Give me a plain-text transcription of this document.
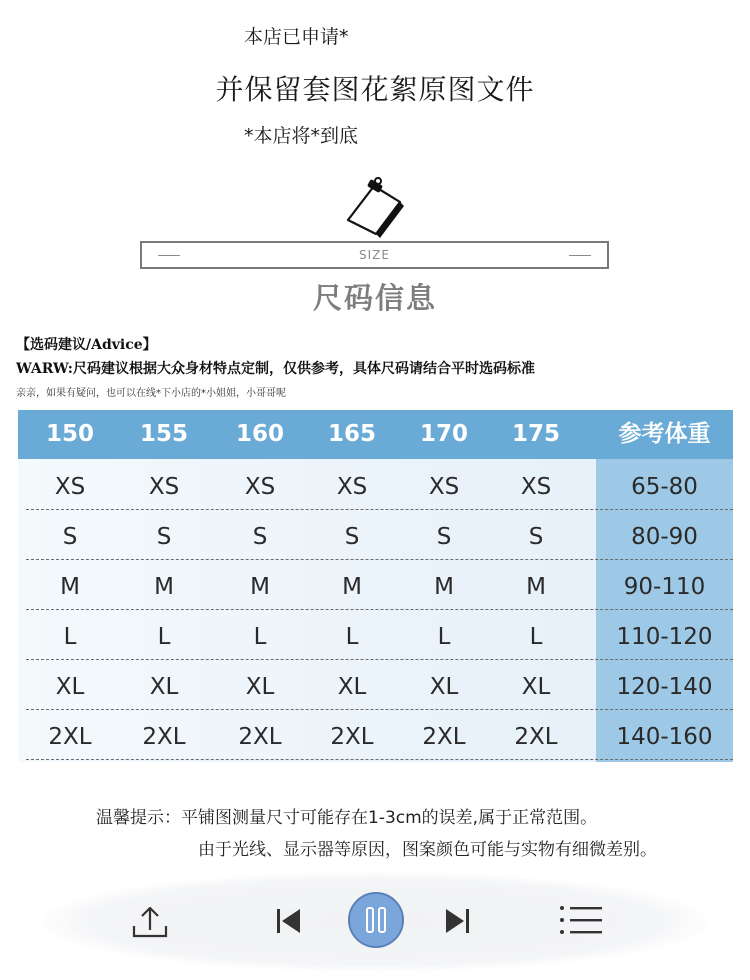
本店已申请*
并保留套图花絮原图文件
*本店将*到底
SIZE
尺码信息
【选码建议/Advice】
WARW:尺码建议根据大众身材特点定制，仅供参考，具体尺码请结合平时选码标准
亲亲，如果有疑问，也可以在线*下小店的*小姐姐，小哥哥呢
150	155	160	165	170	175	参考体重
XS	XS	XS	XS	XS	XS	65-80
S	S	S	S	S	S	80-90
M	M	M	M	M	M	90-110
L	L	L	L	L	L	110-120
XL	XL	XL	XL	XL	XL	120-140
2XL	2XL	2XL	2XL	2XL	2XL	140-160
温馨提示：平铺图测量尺寸可能存在1-3cm的误差,属于正常范围。
由于光线、显示器等原因，图案颜色可能与实物有细微差别。
